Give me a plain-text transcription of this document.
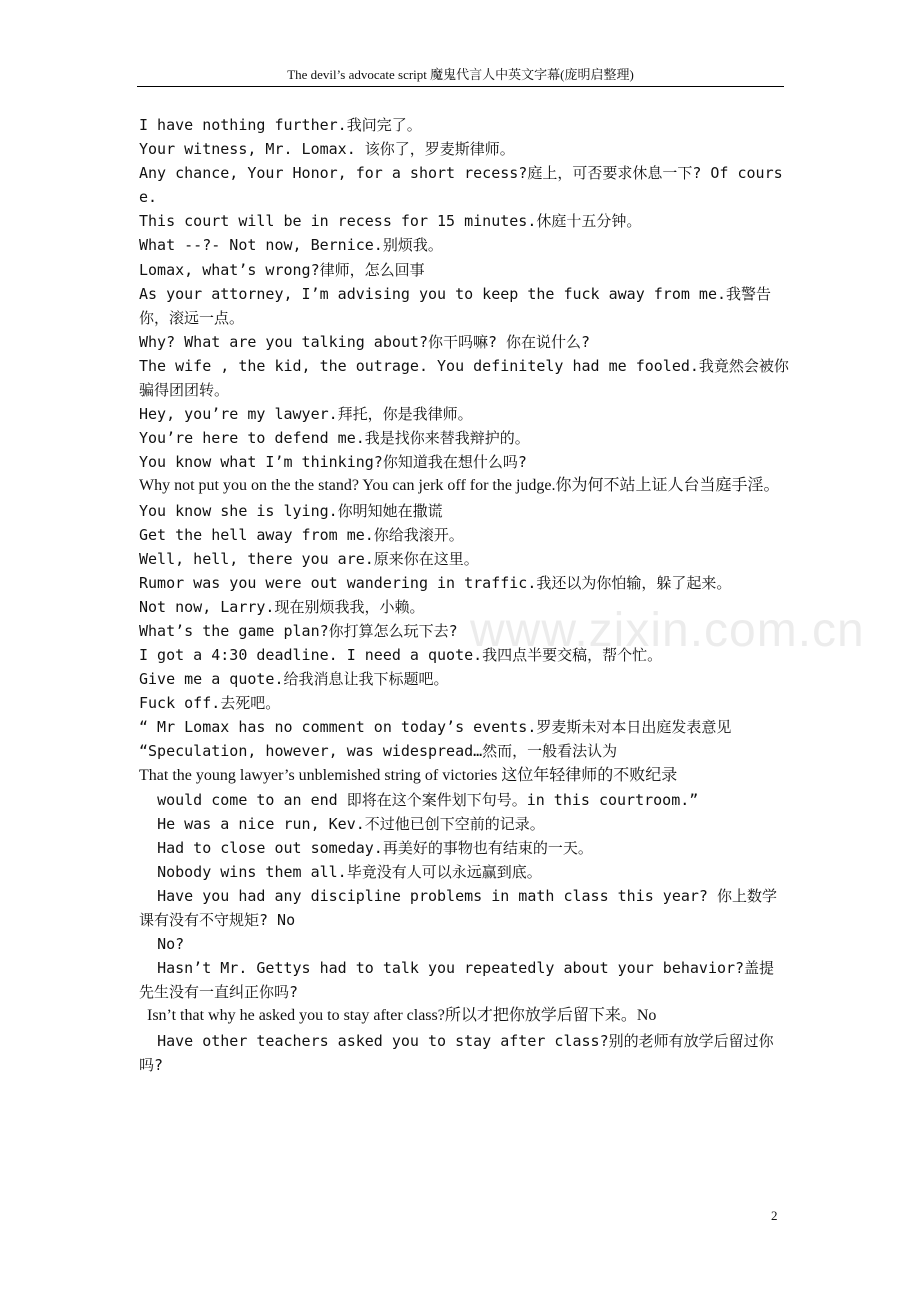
The devil’s advocate script 魔鬼代言人中英文字幕(庞明启整理)
www.zixin.com.cn

I have nothing further.我问完了。

Your witness, Mr. Lomax. 该你了，罗麦斯律师。

Any chance, Your Honor, for a short recess?庭上，可否要求休息一下? Of course.

This court will be in recess for 15 minutes.休庭十五分钟。

What --?- Not now, Bernice.别烦我。

Lomax, what’s wrong?律师，怎么回事

As your attorney, I’m advising you to keep the fuck away from me.我警告你，滚远一点。

Why? What are you talking about?你干吗嘛? 你在说什么?

The wife , the kid, the outrage. You definitely had me fooled.我竟然会被你骗得团团转。

Hey, you’re my lawyer.拜托，你是我律师。

You’re here to defend me.我是找你来替我辩护的。

You know what I’m thinking?你知道我在想什么吗?

Why not put you on the the stand? You can jerk off for the judge.你为何不站上证人台当庭手淫。

You know she is lying.你明知她在撒谎

Get the hell away from me.你给我滚开。

Well, hell, there you are.原来你在这里。

Rumor was you were out wandering in traffic.我还以为你怕输，躲了起来。

Not now, Larry.现在别烦我我，小赖。

What’s the game plan?你打算怎么玩下去?

I got a 4:30 deadline. I need a quote.我四点半要交稿，帮个忙。

Give me a quote.给我消息让我下标题吧。

Fuck off.去死吧。

“ Mr Lomax has no comment on today’s events.罗麦斯未对本日出庭发表意见

“Speculation, however, was widespread…然而，一般看法认为

That the young lawyer’s unblemished string of victories 这位年轻律师的不败纪录

would come to an end 即将在这个案件划下句号。in this courtroom.”

He was a nice run, Kev.不过他已创下空前的记录。

Had to close out someday.再美好的事物也有结束的一天。

Nobody wins them all.毕竟没有人可以永远赢到底。

Have you had any discipline problems in math class this year? 你上数学课有没有不守规矩? No

No?

Hasn’t Mr. Gettys had to talk you repeatedly about your behavior?盖提先生没有一直纠正你吗?

Isn’t that why he asked you to stay after class?所以才把你放学后留下来。No

Have other teachers asked you to stay after class?别的老师有放学后留过你吗?

2
